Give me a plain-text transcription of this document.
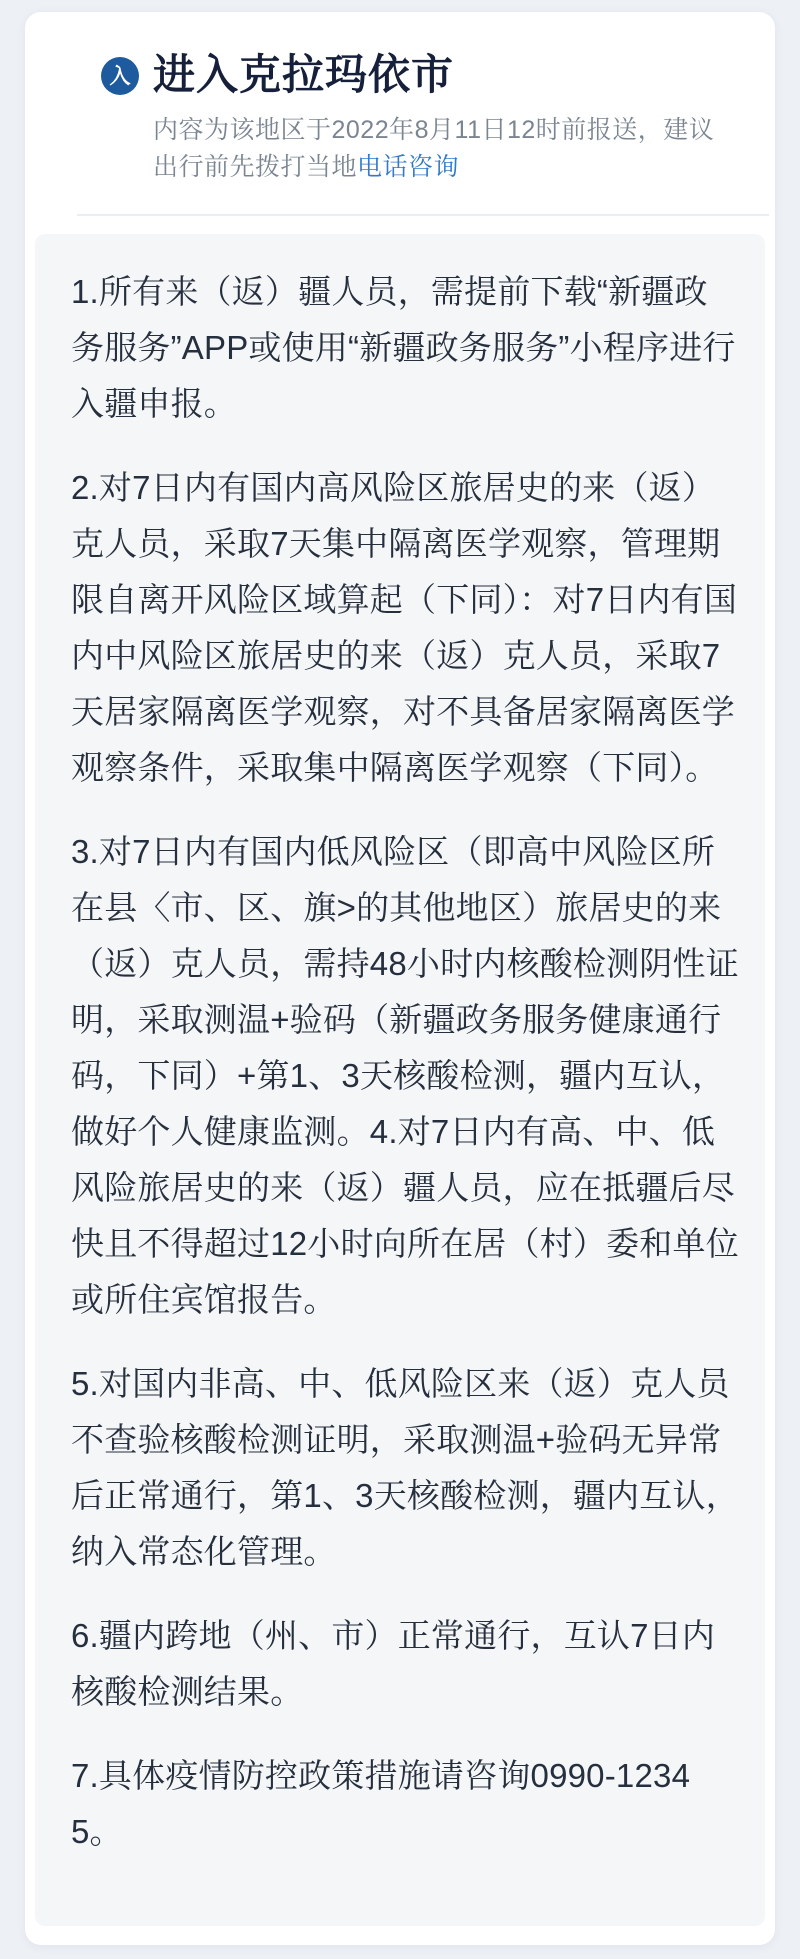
入 进入克拉玛依市
内容为该地区于2022年8月11日12时前报送，建议
出行前先拨打当地电话咨询

1.所有来（返）疆人员，需提前下载“新疆政务服务”APP或使用“新疆政务服务”小程序进行入疆申报。

2.对7日内有国内高风险区旅居史的来（返）克人员，采取7天集中隔离医学观察，管理期限自离开风险区域算起（下同）：对7日内有国内中风险区旅居史的来（返）克人员，采取7天居家隔离医学观察，对不具备居家隔离医学观察条件，采取集中隔离医学观察（下同）。

3.对7日内有国内低风险区（即高中风险区所在县〈市、区、旗>的其他地区）旅居史的来（返）克人员，需持48小时内核酸检测阴性证明，采取测温+验码（新疆政务服务健康通行码，下同）+第1、3天核酸检测，疆内互认，做好个人健康监测。4.对7日内有高、中、低风险旅居史的来（返）疆人员，应在抵疆后尽快且不得超过12小时向所在居（村）委和单位或所住宾馆报告。

5.对国内非高、中、低风险区来（返）克人员不查验核酸检测证明，采取测温+验码无异常后正常通行，第1、3天核酸检测，疆内互认，纳入常态化管理。

6.疆内跨地（州、市）正常通行，互认7日内核酸检测结果。

7.具体疫情防控政策措施请咨询0990-12345。
